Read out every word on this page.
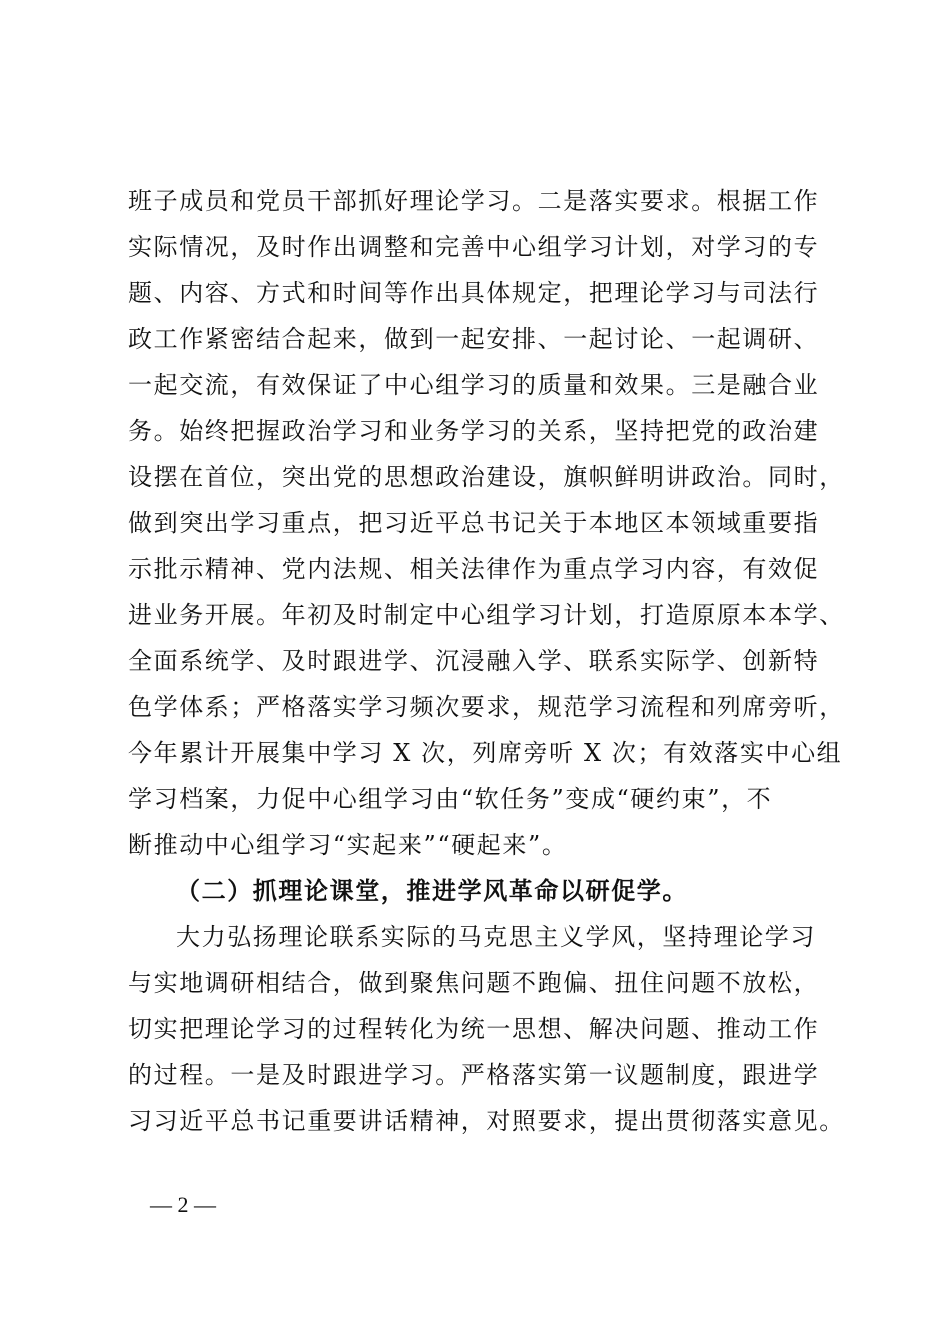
班子成员和党员干部抓好理论学习。二是落实要求。根据工作
实际情况，及时作出调整和完善中心组学习计划，对学习的专
题、内容、方式和时间等作出具体规定，把理论学习与司法行
政工作紧密结合起来，做到一起安排、一起讨论、一起调研、
一起交流，有效保证了中心组学习的质量和效果。三是融合业
务。始终把握政治学习和业务学习的关系，坚持把党的政治建
设摆在首位，突出党的思想政治建设，旗帜鲜明讲政治。同时，
做到突出学习重点，把习近平总书记关于本地区本领域重要指
示批示精神、党内法规、相关法律作为重点学习内容，有效促
进业务开展。年初及时制定中心组学习计划，打造原原本本学、
全面系统学、及时跟进学、沉浸融入学、联系实际学、创新特
色学体系；严格落实学习频次要求，规范学习流程和列席旁听，
今年累计开展集中学习 X 次，列席旁听 X 次；有效落实中心组
学习档案，力促中心组学习由“软任务”变成“硬约束”，不
断推动中心组学习“实起来”“硬起来”。
（二）抓理论课堂，推进学风革命以研促学。
大力弘扬理论联系实际的马克思主义学风，坚持理论学习
与实地调研相结合，做到聚焦问题不跑偏、扭住问题不放松，
切实把理论学习的过程转化为统一思想、解决问题、推动工作
的过程。一是及时跟进学习。严格落实第一议题制度，跟进学
习习近平总书记重要讲话精神，对照要求，提出贯彻落实意见。
— 2 —
